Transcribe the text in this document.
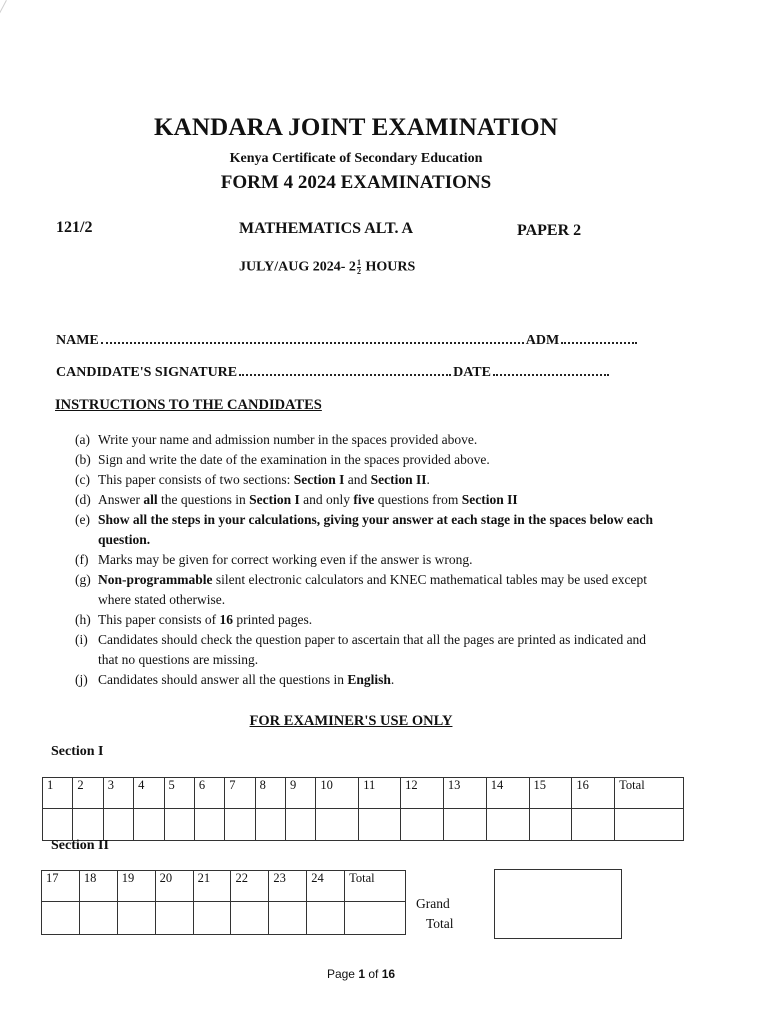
KANDARA JOINT EXAMINATION
Kenya Certificate of Secondary Education
FORM 4 2024 EXAMINATIONS
121/2	MATHEMATICS ALT. A	PAPER 2
JULY/AUG 2024- $2 \frac{1}{2}$ HOURS
NAME	ADM
CANDIDATE'S SIGNATURE	DATE
INSTRUCTIONS TO THE CANDIDATES
(a) Write your name and admission number in the spaces provided above.
(b) Sign and write the date of the examination in the spaces provided above.
(c) This paper consists of two sections: Section I and Section II.
(d) Answer all the questions in Section I and only five questions from Section II
(e) Show all the steps in your calculations, giving your answer at each stage in the spaces below each question.
(f) Marks may be given for correct working even if the answer is wrong.
(g) Non-programmable silent electronic calculators and KNEC mathematical tables may be used except where stated otherwise.
(h) This paper consists of 16 printed pages.
(i) Candidates should check the question paper to ascertain that all the pages are printed as indicated and that no questions are missing.
(j) Candidates should answer all the questions in English.
FOR EXAMINER'S USE ONLY
Section I
1	2	3	4	5	6	7	8	9	10	11	12	13	14	15	16	Total

Section II
17	18	19	20	21	22	23	24	Total

Grand
Total
Page 1 of 16
